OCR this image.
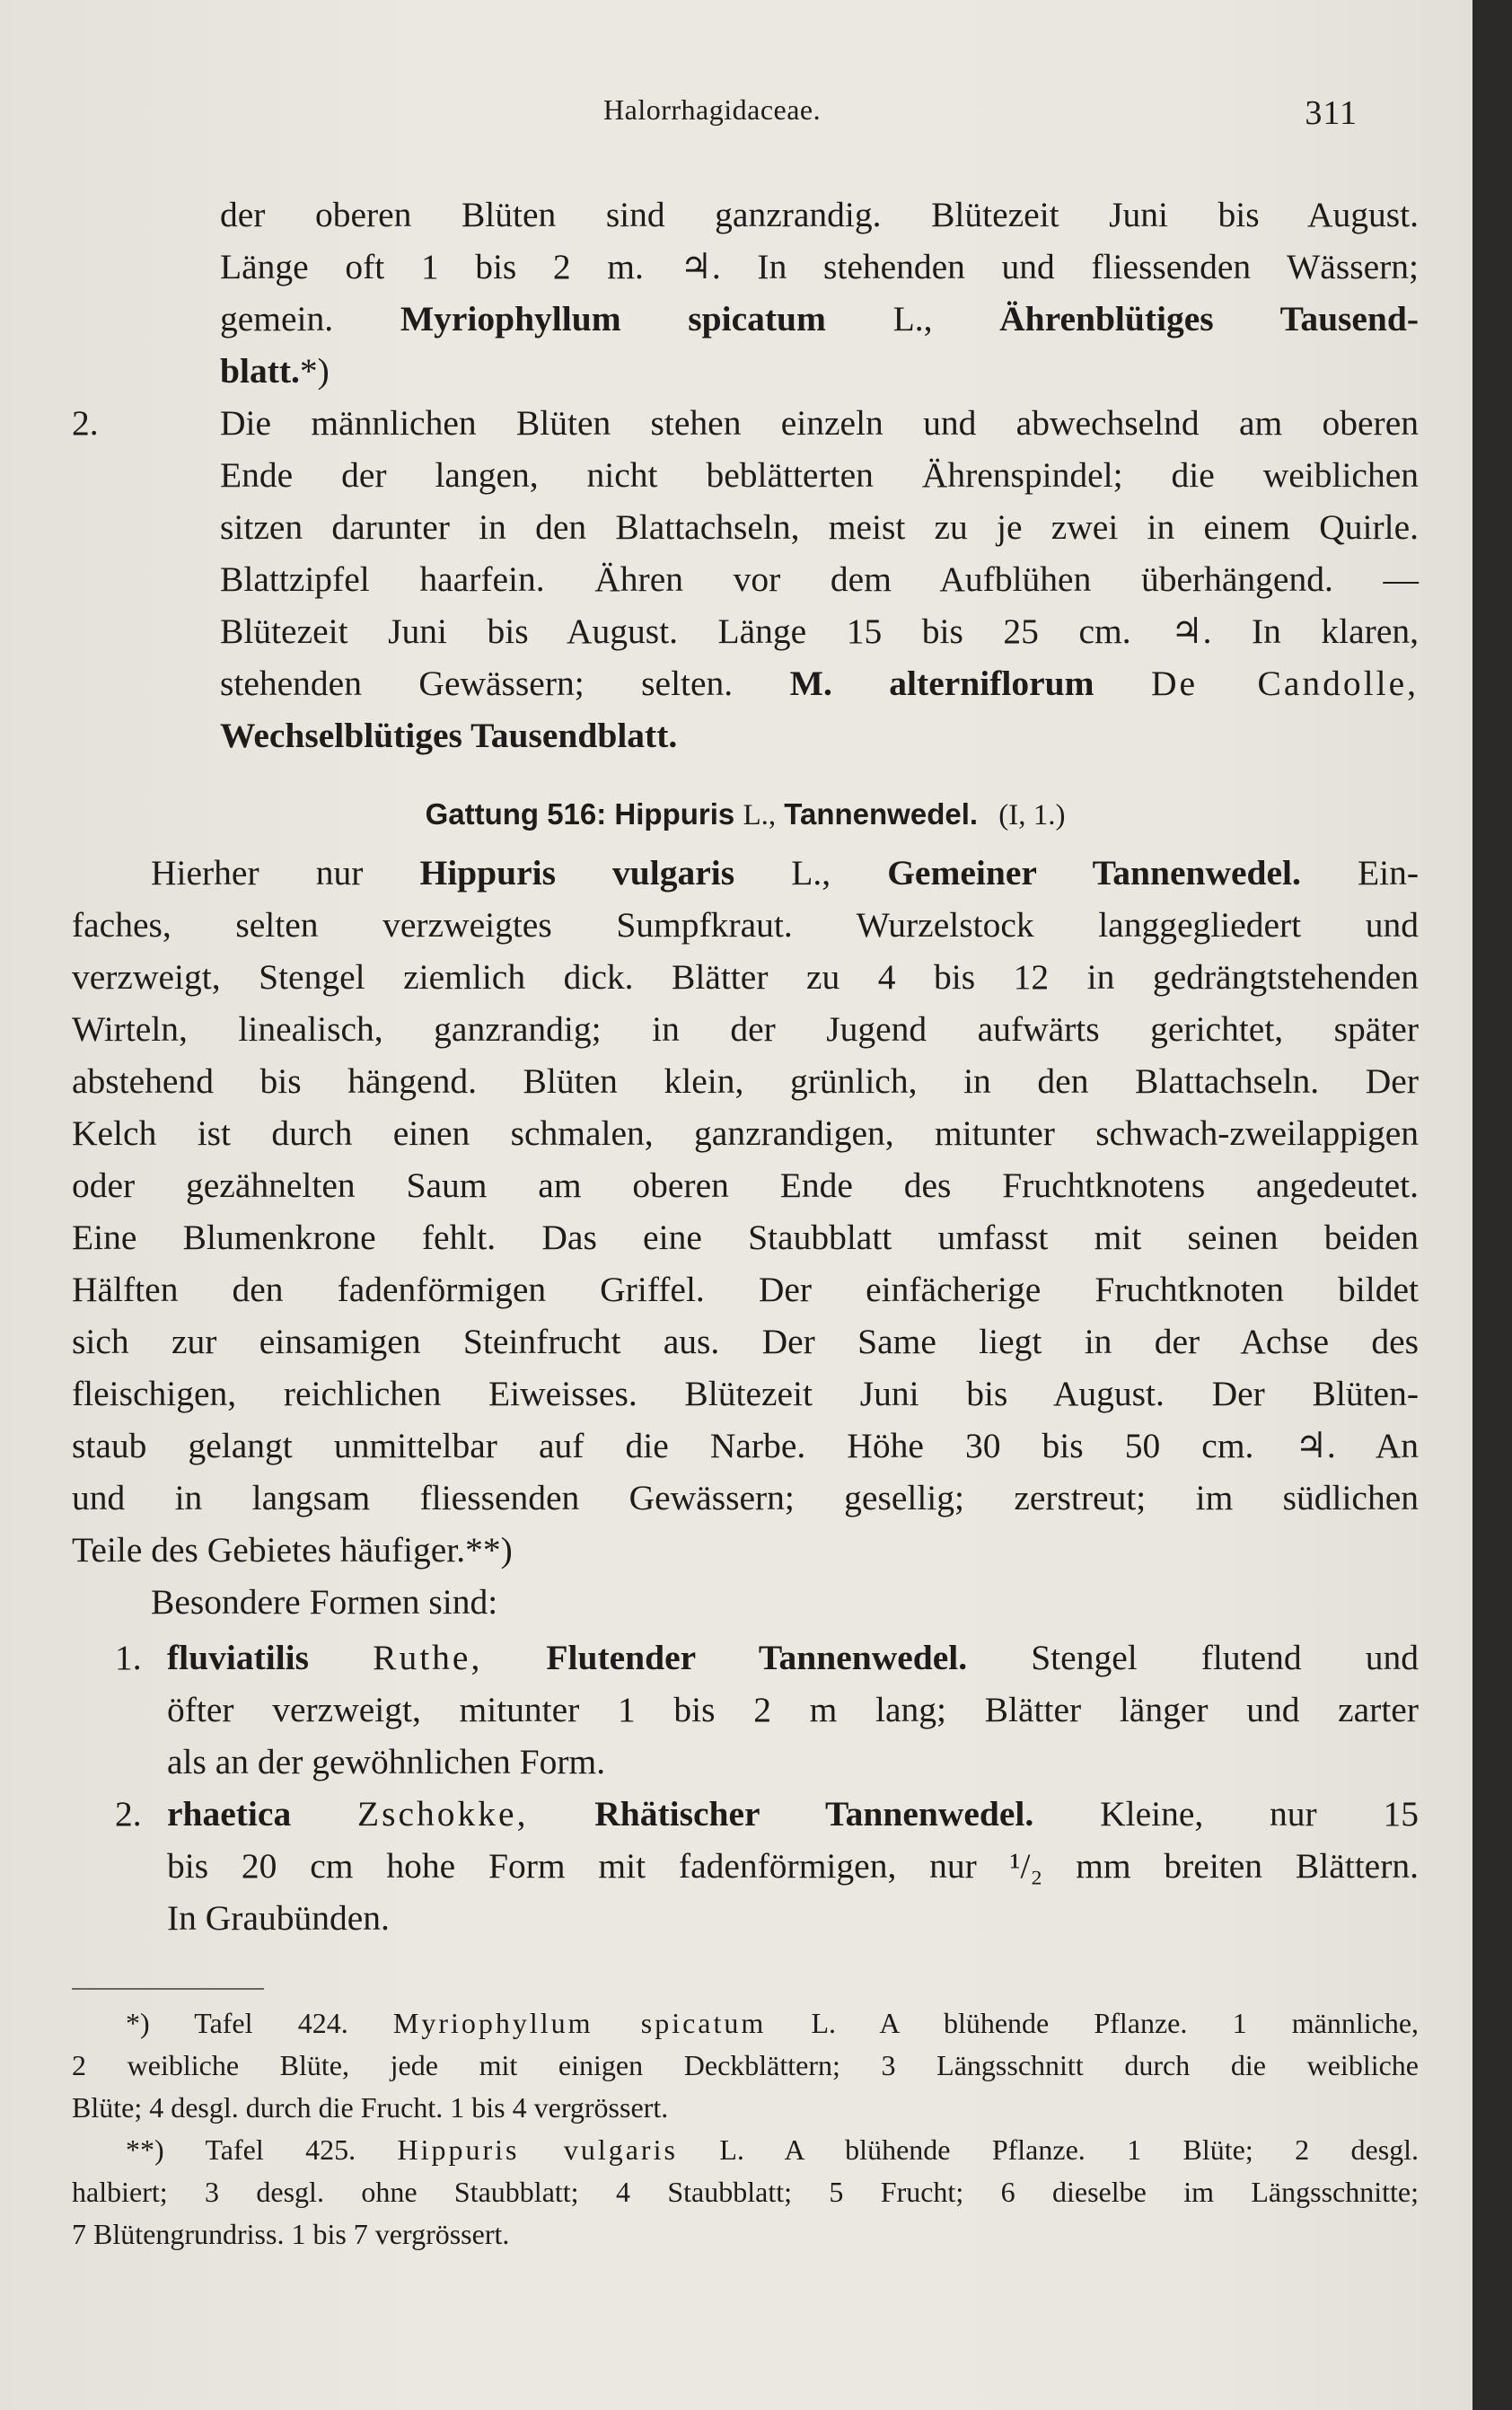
Halorrhagidaceae.	311
der oberen Blüten sind ganzrandig. Blütezeit Juni bis August.
Länge oft 1 bis 2 m. ♃. In stehenden und fliessenden Wässern;
gemein. Myriophyllum spicatum L., Ährenblütiges Tausend-
blatt.*)
2.	Die männlichen Blüten stehen einzeln und abwechselnd am oberen
Ende der langen, nicht beblätterten Ährenspindel; die weiblichen
sitzen darunter in den Blattachseln, meist zu je zwei in einem Quirle.
Blattzipfel haarfein. Ähren vor dem Aufblühen überhängend. —
Blütezeit Juni bis August. Länge 15 bis 25 cm. ♃. In klaren,
stehenden Gewässern; selten. M. alterniflorum De Candolle,
Wechselblütiges Tausendblatt.
Gattung 516: Hippuris L., Tannenwedel. (I, 1.)
Hierher nur Hippuris vulgaris L., Gemeiner Tannenwedel. Ein-
faches, selten verzweigtes Sumpfkraut. Wurzelstock langgegliedert und
verzweigt, Stengel ziemlich dick. Blätter zu 4 bis 12 in gedrängtstehenden
Wirteln, linealisch, ganzrandig; in der Jugend aufwärts gerichtet, später
abstehend bis hängend. Blüten klein, grünlich, in den Blattachseln. Der
Kelch ist durch einen schmalen, ganzrandigen, mitunter schwach-zweilappigen
oder gezähnelten Saum am oberen Ende des Fruchtknotens angedeutet.
Eine Blumenkrone fehlt. Das eine Staubblatt umfasst mit seinen beiden
Hälften den fadenförmigen Griffel. Der einfächerige Fruchtknoten bildet
sich zur einsamigen Steinfrucht aus. Der Same liegt in der Achse des
fleischigen, reichlichen Eiweisses. Blütezeit Juni bis August. Der Blüten-
staub gelangt unmittelbar auf die Narbe. Höhe 30 bis 50 cm. ♃. An
und in langsam fliessenden Gewässern; gesellig; zerstreut; im südlichen
Teile des Gebietes häufiger.**)
Besondere Formen sind:
1. fluviatilis Ruthe, Flutender Tannenwedel. Stengel flutend und
öfter verzweigt, mitunter 1 bis 2 m lang; Blätter länger und zarter
als an der gewöhnlichen Form.
2. rhaetica Zschokke, Rhätischer Tannenwedel. Kleine, nur 15
bis 20 cm hohe Form mit fadenförmigen, nur ¹/₂ mm breiten Blättern.
In Graubünden.
*) Tafel 424. Myriophyllum spicatum L. A blühende Pflanze. 1 männliche,
2 weibliche Blüte, jede mit einigen Deckblättern; 3 Längsschnitt durch die weibliche
Blüte; 4 desgl. durch die Frucht. 1 bis 4 vergrössert.
**) Tafel 425. Hippuris vulgaris L. A blühende Pflanze. 1 Blüte; 2 desgl.
halbiert; 3 desgl. ohne Staubblatt; 4 Staubblatt; 5 Frucht; 6 dieselbe im Längsschnitte;
7 Blütengrundriss. 1 bis 7 vergrössert.
